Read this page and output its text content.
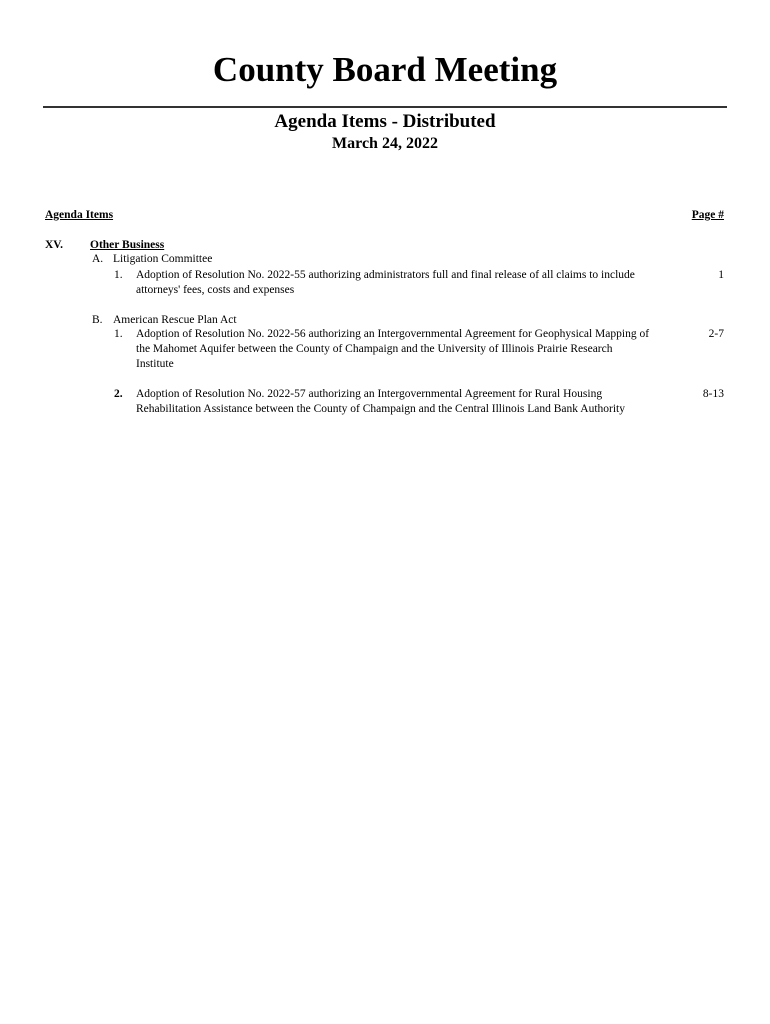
County Board Meeting
Agenda Items - Distributed
March 24, 2022
Agenda Items	Page #
XV. Other Business
A. Litigation Committee
1. Adoption of Resolution No. 2022-55 authorizing administrators full and final release of all claims to include attorneys' fees, costs and expenses
1
B. American Rescue Plan Act
1. Adoption of Resolution No. 2022-56 authorizing an Intergovernmental Agreement for Geophysical Mapping of the Mahomet Aquifer between the County of Champaign and the University of Illinois Prairie Research Institute
2-7
2. Adoption of Resolution No. 2022-57 authorizing an Intergovernmental Agreement for Rural Housing Rehabilitation Assistance between the County of Champaign and the Central Illinois Land Bank Authority
8-13
